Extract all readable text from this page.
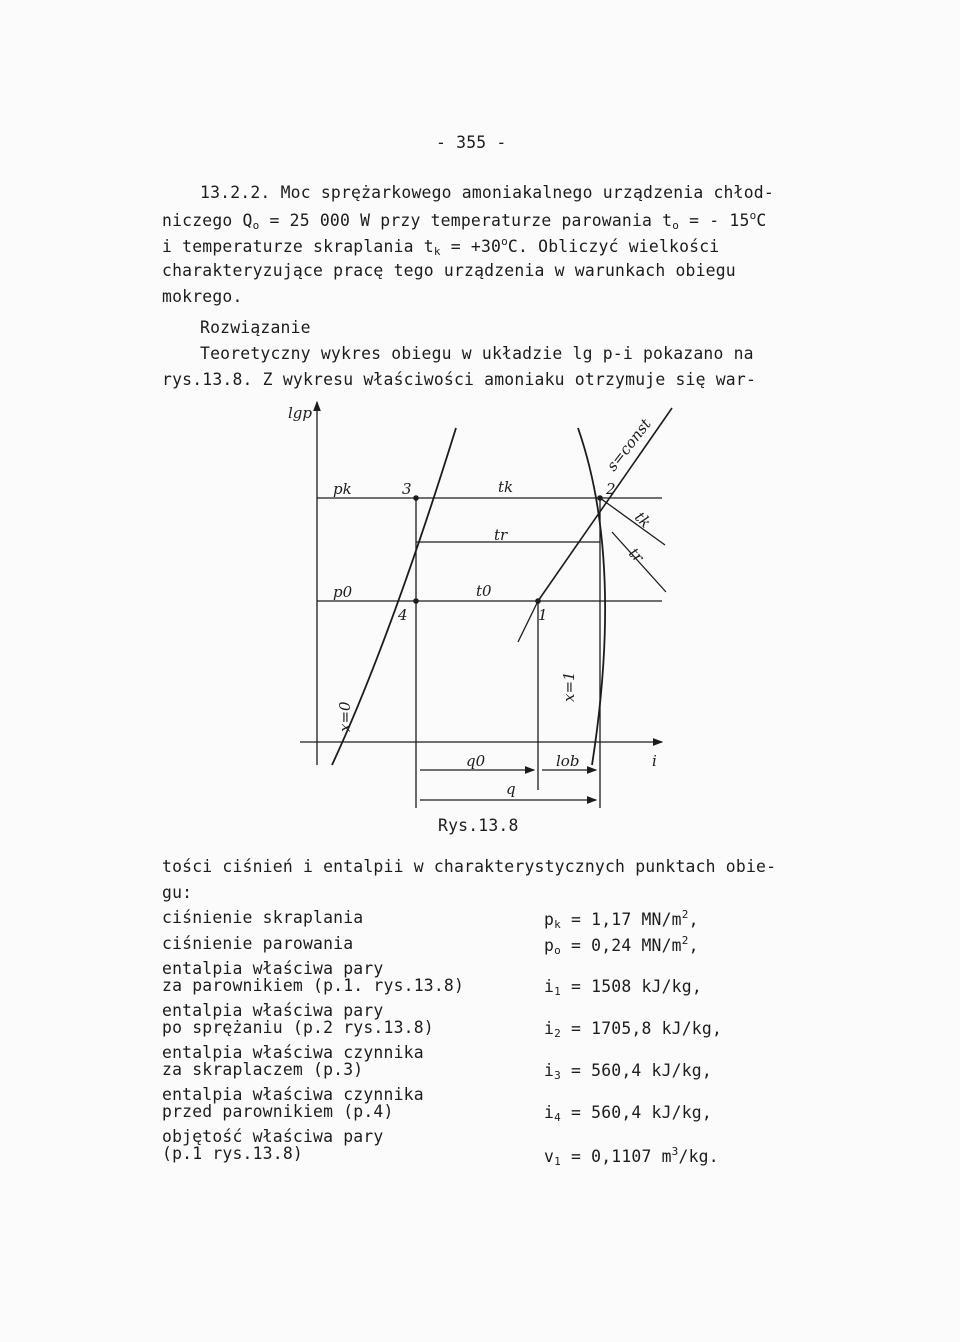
- 355 -
13.2.2. Moc sprężarkowego amoniakalnego urządzenia chłod-
niczego $Q_o = 25$ 000 W przy temperaturze parowania $t_o$ = - 15$^o$C
i temperaturze skraplania $t_k = +30^oC$. Obliczyć wielkości
charakteryzujące pracę tego urządzenia w warunkach obiegu
mokrego.
Rozwiązanie
Teoretyczny wykres obiegu w układzie lg p-i pokazano na
rys.13.8. Z wykresu właściwości amoniaku otrzymuje się war-
lgp
i
pk
p0
3	2
4	1
tk
tr
t0
s=const
tk
tr
x=0
x=1
q0	lob
q
Rys.13.8
tości ciśnień i entalpii w charakterystycznych punktach obie-
gu:
ciśnienie skraplania	$p_k = 1,17$ $MN/m^2$,
ciśnienie parowania	$p_o = 0,24$ $MN/m^2$,
entalpia właściwa pary
za parownikiem (p.1. rys.13.8)	$i_1 = 1508$ kJ/kg,
entalpia właściwa pary
po sprężaniu (p.2 rys.13.8)	$i_2 = 1705,8$ kJ/kg,
entalpia właściwa czynnika
za skraplaczem (p.3)	$i_3 = 560,4$ kJ/kg,
entalpia właściwa czynnika
przed parownikiem (p.4)	$i_4 = 560,4$ kJ/kg,
objętość właściwa pary
(p.1 rys.13.8)	$v_1 = 0,1107$ $m^3/kg$.
